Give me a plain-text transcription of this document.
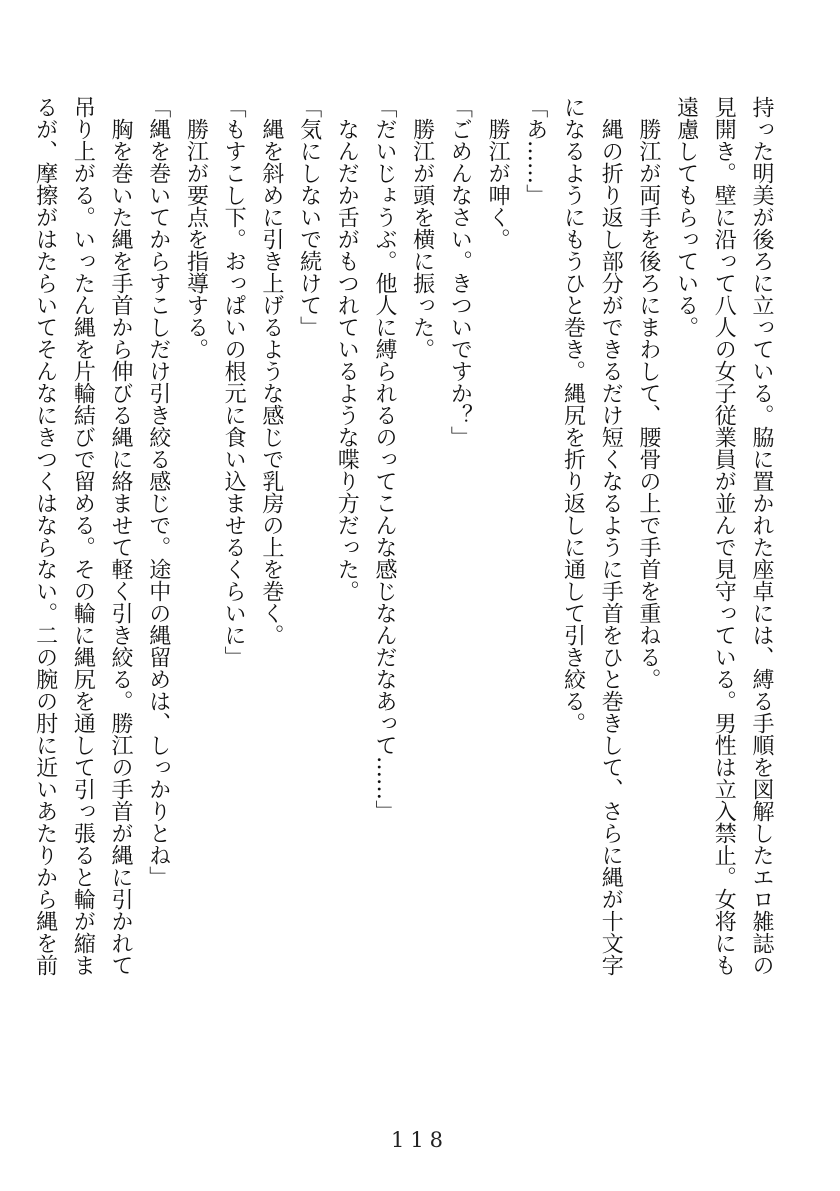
持った明美が後ろに立っている。脇に置かれた座卓には、縛る手順を図解したエロ雑誌の
見開き。壁に沿って八人の女子従業員が並んで見守っている。男性は立入禁止。女将にも
遠慮してもらっている。
　勝江が両手を後ろにまわして、腰骨の上で手首を重ねる。
　縄の折り返し部分ができるだけ短くなるように手首をひと巻きして、さらに縄が十文字
になるようにもうひと巻き。縄尻を折り返しに通して引き絞る。
「あ……」
　勝江が呻く。
「ごめんなさい。きついですか？」
　勝江が頭を横に振った。
「だいじょうぶ。他人に縛られるのってこんな感じなんだなあって……」
　なんだか舌がもつれているような喋り方だった。
「気にしないで続けて」
　縄を斜めに引き上げるような感じで乳房の上を巻く。
「もすこし下。おっぱいの根元に食い込ませるくらいに」
　勝江が要点を指導する。
「縄を巻いてからすこしだけ引き絞る感じで。途中の縄留めは、しっかりとね」
　胸を巻いた縄を手首から伸びる縄に絡ませて軽く引き絞る。勝江の手首が縄に引かれて
吊り上がる。いったん縄を片輪結びで留める。その輪に縄尻を通して引っ張ると輪が縮ま
るが、摩擦がはたらいてそんなにきつくはならない。二の腕の肘に近いあたりから縄を前
118
